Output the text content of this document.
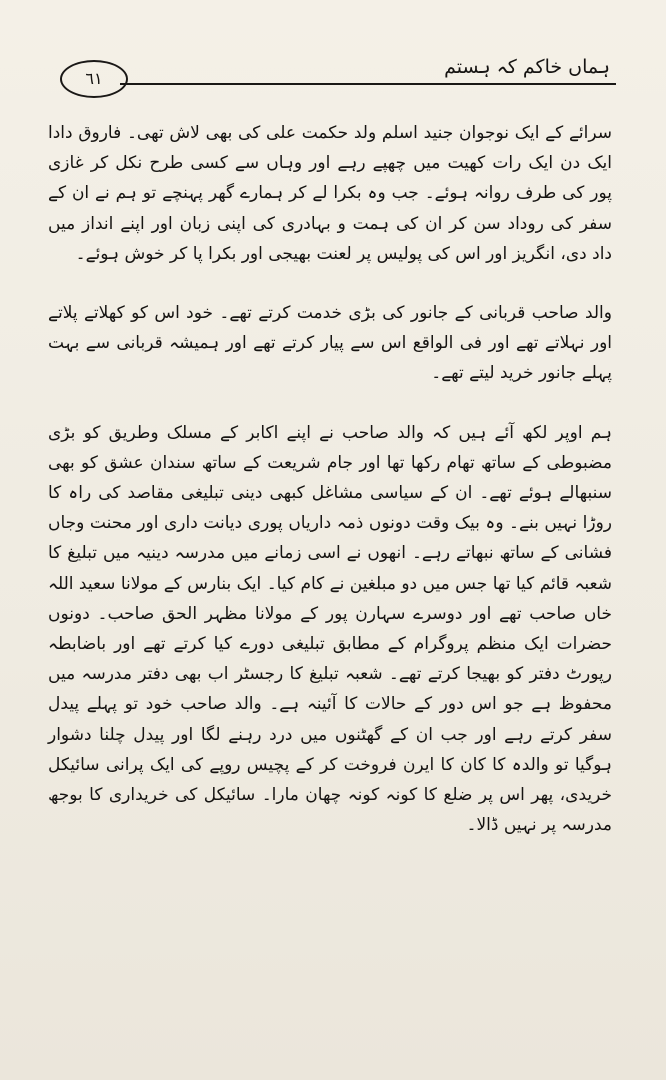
ہماں خاکم کہ ہستم
٦١

سرائے کے ایک نوجوان جنید اسلم ولد حکمت علی کی بھی لاش تھی۔ فاروق دادا ایک دن ایک رات کھیت میں چھپے رہے اور وہاں سے کسی طرح نکل کر غازی پور کی طرف روانہ ہوئے۔ جب وہ بکرا لے کر ہمارے گھر پہنچے تو ہم نے ان کے سفر کی روداد سن کر ان کی ہمت و بہادری کی اپنی زبان اور اپنے انداز میں داد دی، انگریز اور اس کی پولیس پر لعنت بھیجی اور بکرا پا کر خوش ہوئے۔

والد صاحب قربانی کے جانور کی بڑی خدمت کرتے تھے۔ خود اس کو کھلاتے پلاتے اور نہلاتے تھے اور فی الواقع اس سے پیار کرتے تھے اور ہمیشہ قربانی سے بہت پہلے جانور خرید لیتے تھے۔

ہم اوپر لکھ آئے ہیں کہ والد صاحب نے اپنے اکابر کے مسلک وطریق کو بڑی مضبوطی کے ساتھ تھام رکھا تھا اور جام شریعت کے ساتھ سندان عشق کو بھی سنبھالے ہوئے تھے۔ ان کے سیاسی مشاغل کبھی دینی تبلیغی مقاصد کی راہ کا روڑا نہیں بنے۔ وہ بیک وقت دونوں ذمہ داریاں پوری دیانت داری اور محنت وجاں فشانی کے ساتھ نبھاتے رہے۔ انھوں نے اسی زمانے میں مدرسہ دینیہ میں تبلیغ کا شعبہ قائم کیا تھا جس میں دو مبلغین نے کام کیا۔ ایک بنارس کے مولانا سعید اللہ خاں صاحب تھے اور دوسرے سہارن پور کے مولانا مظہر الحق صاحب۔ دونوں حضرات ایک منظم پروگرام کے مطابق تبلیغی دورے کیا کرتے تھے اور باضابطہ رپورٹ دفتر کو بھیجا کرتے تھے۔ شعبہ تبلیغ کا رجسٹر اب بھی دفتر مدرسہ میں محفوظ ہے جو اس دور کے حالات کا آئینہ ہے۔ والد صاحب خود تو پہلے پیدل سفر کرتے رہے اور جب ان کے گھٹنوں میں درد رہنے لگا اور پیدل چلنا دشوار ہوگیا تو والدہ کا کان کا ایرن فروخت کر کے پچیس روپے کی ایک پرانی سائیکل خریدی، پھر اس پر ضلع کا کونہ کونہ چھان مارا۔ سائیکل کی خریداری کا بوجھ مدرسہ پر نہیں ڈالا۔
